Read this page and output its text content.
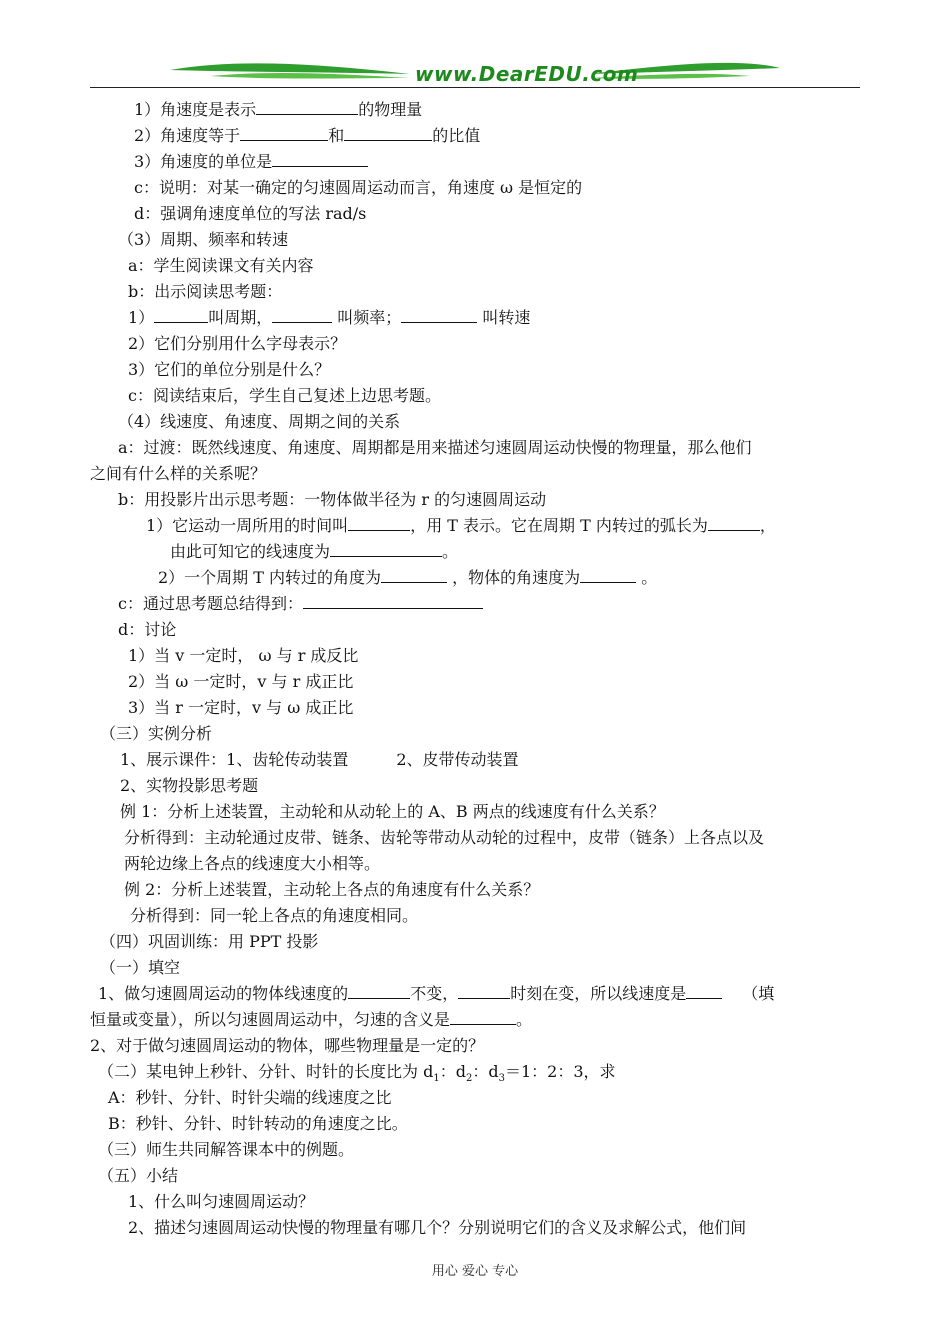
www.DearEDU.com
1）角速度是表示	的物理量
2）角速度等于	和	的比值
3）角速度的单位是
c：说明：对某一确定的匀速圆周运动而言，角速度 ω 是恒定的
d：强调角速度单位的写法 rad/s
（3）周期、频率和转速
a：学生阅读课文有关内容
b：出示阅读思考题：
1）	叫周期，	叫频率；	叫转速
2）它们分别用什么字母表示？
3）它们的单位分别是什么？
c：阅读结束后，学生自己复述上边思考题。
（4）线速度、角速度、周期之间的关系
a：过渡：既然线速度、角速度、周期都是用来描述匀速圆周运动快慢的物理量，那么他们
之间有什么样的关系呢？
b：用投影片出示思考题：一物体做半径为 r 的匀速圆周运动
1）它运动一周所用的时间叫	，用 T 表示。它在周期 T 内转过的弧长为	，
由此可知它的线速度为	。
2）一个周期 T 内转过的角度为	，物体的角速度为	。
c：通过思考题总结得到：
d：讨论
1）当 v 一定时， ω 与 r 成反比
2）当 ω 一定时，v 与 r 成正比
3）当 r 一定时，v 与 ω 成正比
（三）实例分析
1、展示课件：1、齿轮传动装置	2、皮带传动装置
2、实物投影思考题
例 1：分析上述装置，主动轮和从动轮上的 A、B 两点的线速度有什么关系？
分析得到：主动轮通过皮带、链条、齿轮等带动从动轮的过程中，皮带（链条）上各点以及
两轮边缘上各点的线速度大小相等。
例 2：分析上述装置，主动轮上各点的角速度有什么关系？
分析得到：同一轮上各点的角速度相同。
（四）巩固训练：用 PPT 投影
（一）填空
1、做匀速圆周运动的物体线速度的	不变，	时刻在变，所以线速度是	（填
恒量或变量），所以匀速圆周运动中，匀速的含义是	。
2、对于做匀速圆周运动的物体，哪些物理量是一定的？
（二）某电钟上秒针、分针、时针的长度比为 $d_1$：$d_2$：$d_3=1$：2：3，求
A：秒针、分针、时针尖端的线速度之比
B：秒针、分针、时针转动的角速度之比。
（三）师生共同解答课本中的例题。
（五）小结
1、什么叫匀速圆周运动？
2、描述匀速圆周运动快慢的物理量有哪几个？分别说明它们的含义及求解公式，他们间
用心 爱心 专心
